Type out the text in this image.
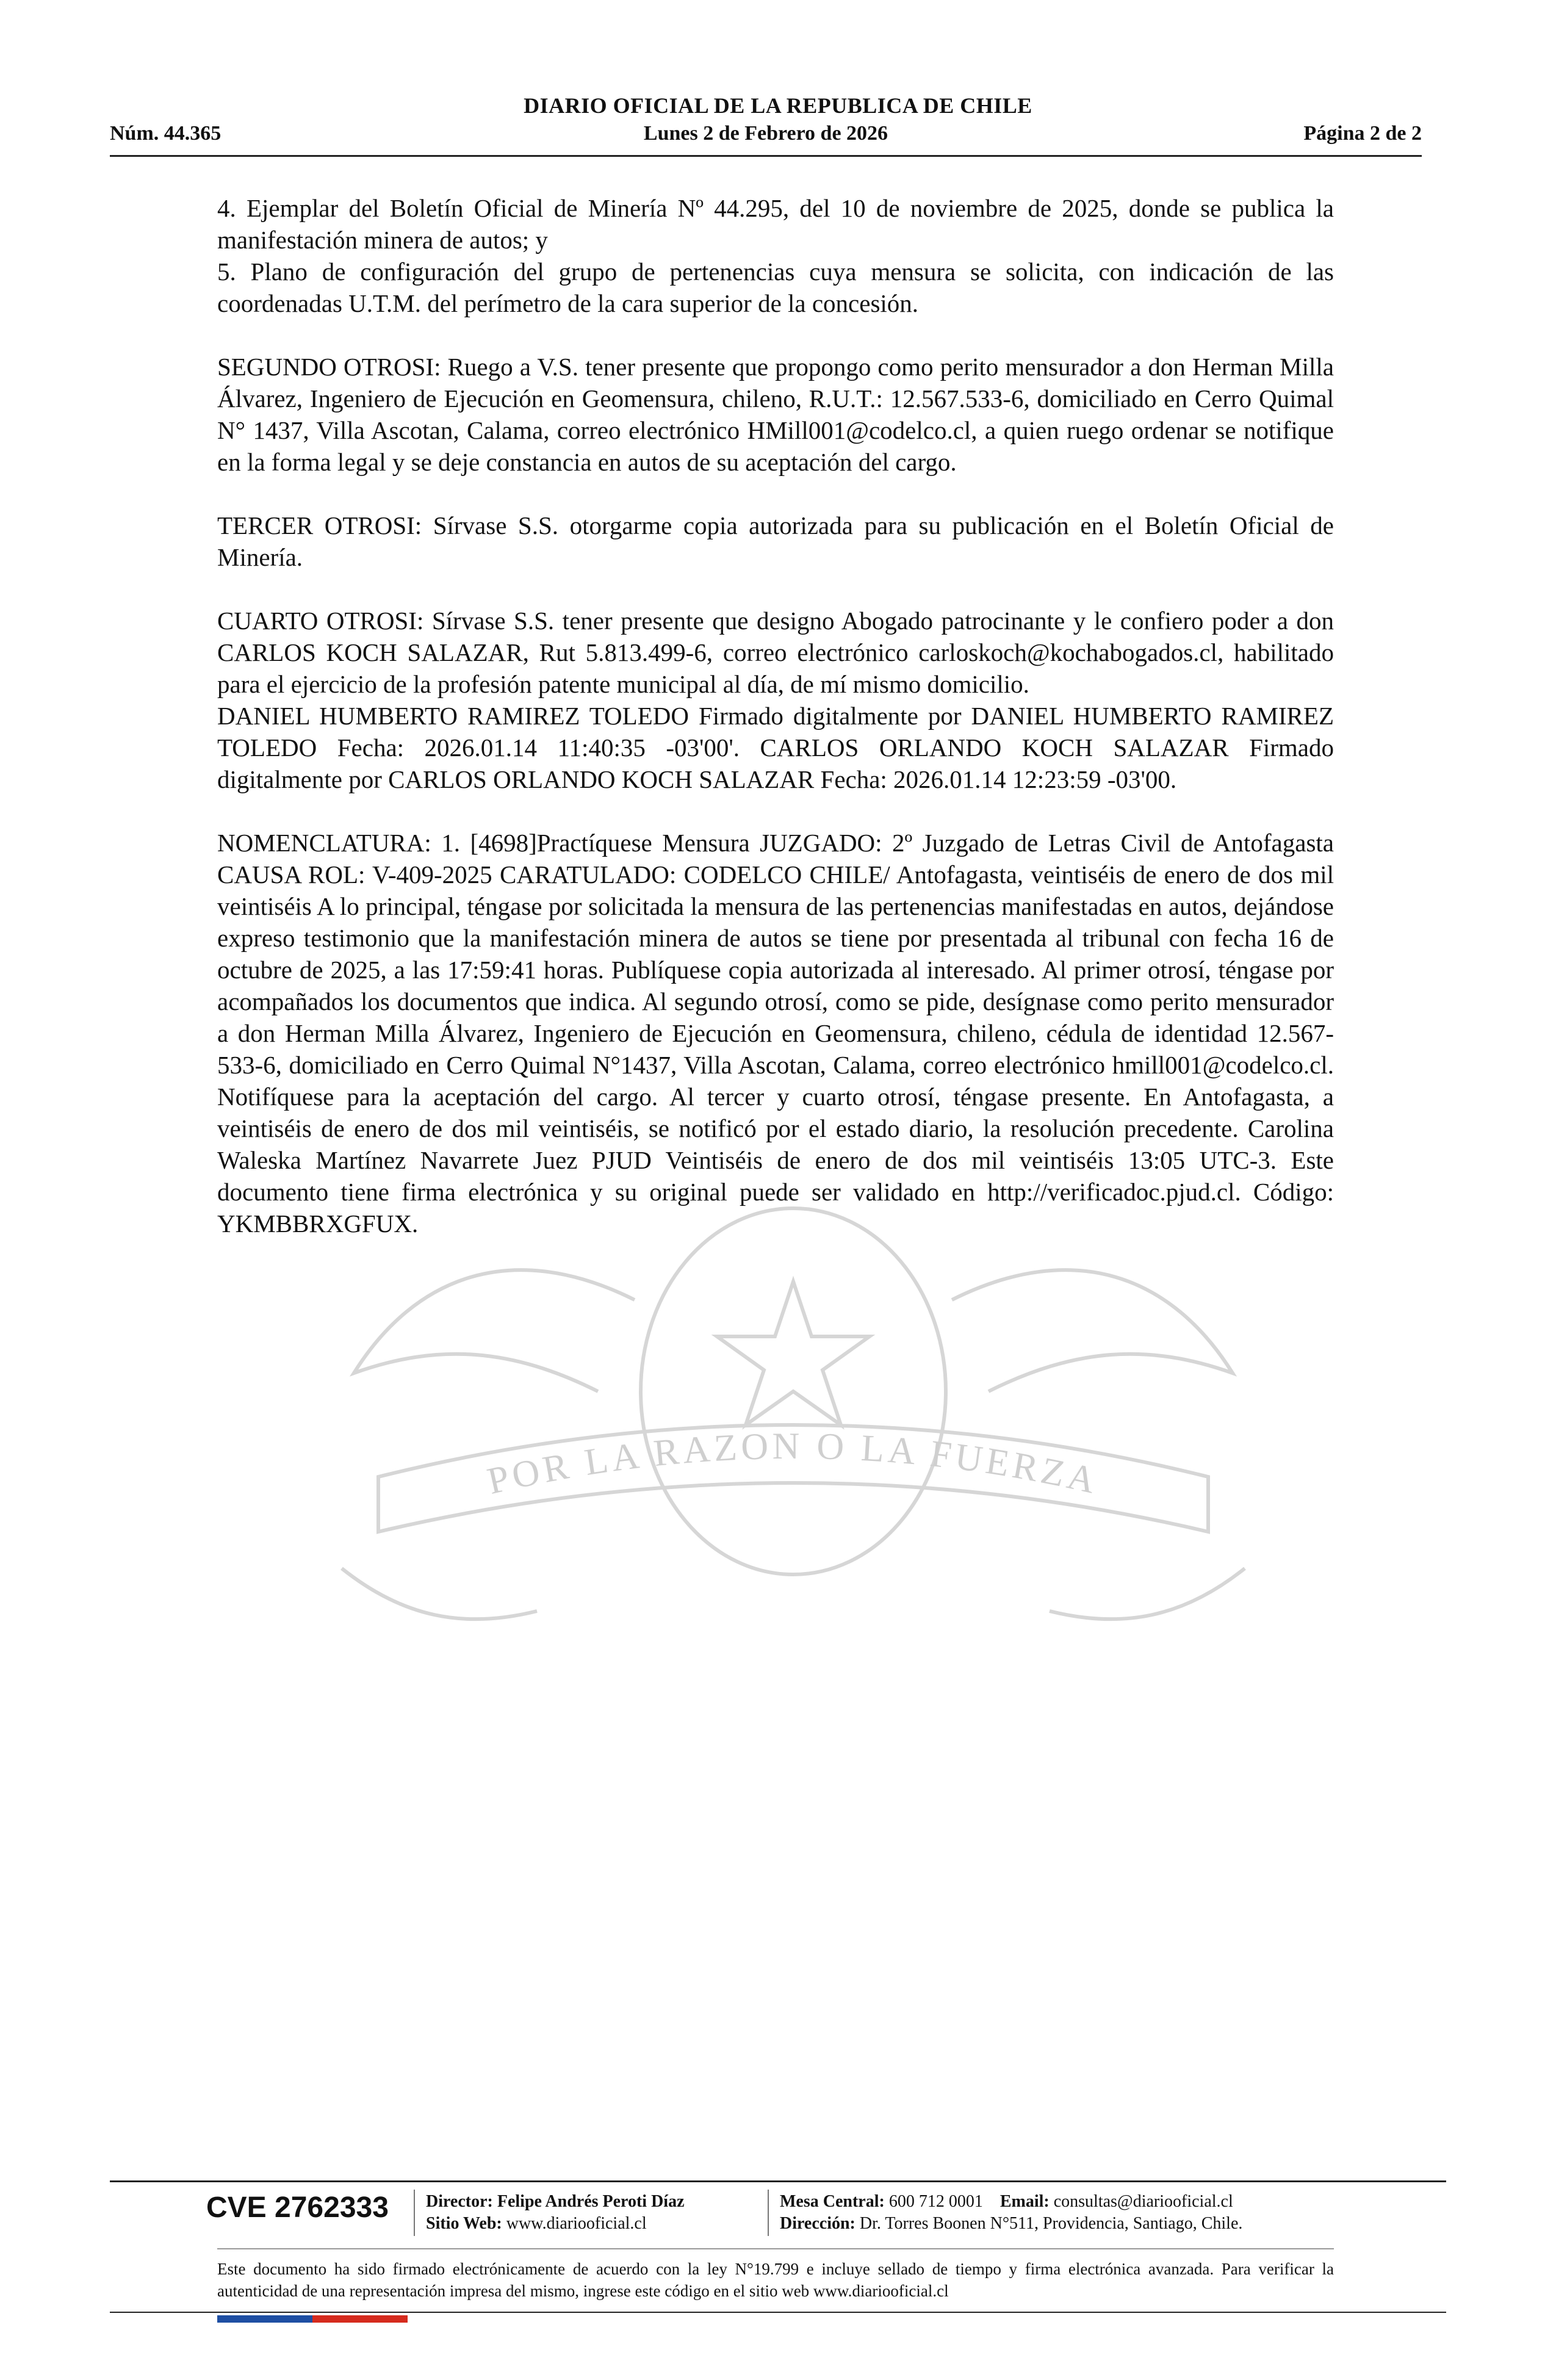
DIARIO OFICIAL DE LA REPUBLICA DE CHILE
Núm. 44.365	Lunes 2 de Febrero de 2026	Página 2 de 2
POR LA RAZON O LA FUERZA

4. Ejemplar del Boletín Oficial de Minería Nº 44.295, del 10 de noviembre de 2025, donde se publica la manifestación minera de autos; y

5. Plano de configuración del grupo de pertenencias cuya mensura se solicita, con indicación de las coordenadas U.T.M. del perímetro de la cara superior de la concesión.

SEGUNDO OTROSI: Ruego a V.S. tener presente que propongo como perito mensurador a don Herman Milla Álvarez, Ingeniero de Ejecución en Geomensura, chileno, R.U.T.: 12.567.533-6, domiciliado en Cerro Quimal N° 1437, Villa Ascotan, Calama, correo electrónico HMill001@codelco.cl, a quien ruego ordenar se notifique en la forma legal y se deje constancia en autos de su aceptación del cargo.

TERCER OTROSI: Sírvase S.S. otorgarme copia autorizada para su publicación en el Boletín Oficial de Minería.

CUARTO OTROSI: Sírvase S.S. tener presente que designo Abogado patrocinante y le confiero poder a don CARLOS KOCH SALAZAR, Rut 5.813.499-6, correo electrónico carloskoch@kochabogados.cl, habilitado para el ejercicio de la profesión patente municipal al día, de mí mismo domicilio.

DANIEL HUMBERTO RAMIREZ TOLEDO Firmado digitalmente por DANIEL HUMBERTO RAMIREZ TOLEDO Fecha: 2026.01.14 11:40:35 -03'00'. CARLOS ORLANDO KOCH SALAZAR Firmado digitalmente por CARLOS ORLANDO KOCH SALAZAR Fecha: 2026.01.14 12:23:59 -03'00.

NOMENCLATURA: 1. [4698]Practíquese Mensura JUZGADO: 2º Juzgado de Letras Civil de Antofagasta CAUSA ROL: V-409-2025 CARATULADO: CODELCO CHILE/ Antofagasta, veintiséis de enero de dos mil veintiséis A lo principal, téngase por solicitada la mensura de las pertenencias manifestadas en autos, dejándose expreso testimonio que la manifestación minera de autos se tiene por presentada al tribunal con fecha 16 de octubre de 2025, a las 17:59:41 horas. Publíquese copia autorizada al interesado. Al primer otrosí, téngase por acompañados los documentos que indica. Al segundo otrosí, como se pide, desígnase como perito mensurador a don Herman Milla Álvarez, Ingeniero de Ejecución en Geomensura, chileno, cédula de identidad 12.567-533-6, domiciliado en Cerro Quimal N°1437, Villa Ascotan, Calama, correo electrónico hmill001@codelco.cl. Notifíquese para la aceptación del cargo. Al tercer y cuarto otrosí, téngase presente. En Antofagasta, a veintiséis de enero de dos mil veintiséis, se notificó por el estado diario, la resolución precedente. Carolina Waleska Martínez Navarrete Juez PJUD Veintiséis de enero de dos mil veintiséis 13:05 UTC-3. Este documento tiene firma electrónica y su original puede ser validado en http://verificadoc.pjud.cl. Código: YKMBBRXGFUX.

CVE 2762333	Director: Felipe Andrés Peroti Díaz
Sitio Web: www.diariooficial.cl
Mesa Central: 600 712 0001 Email: consultas@diariooficial.cl
Dirección: Dr. Torres Boonen N°511, Providencia, Santiago, Chile.
Este documento ha sido firmado electrónicamente de acuerdo con la ley N°19.799 e incluye sellado de tiempo y firma electrónica avanzada. Para verificar la autenticidad de una representación impresa del mismo, ingrese este código en el sitio web www.diariooficial.cl
